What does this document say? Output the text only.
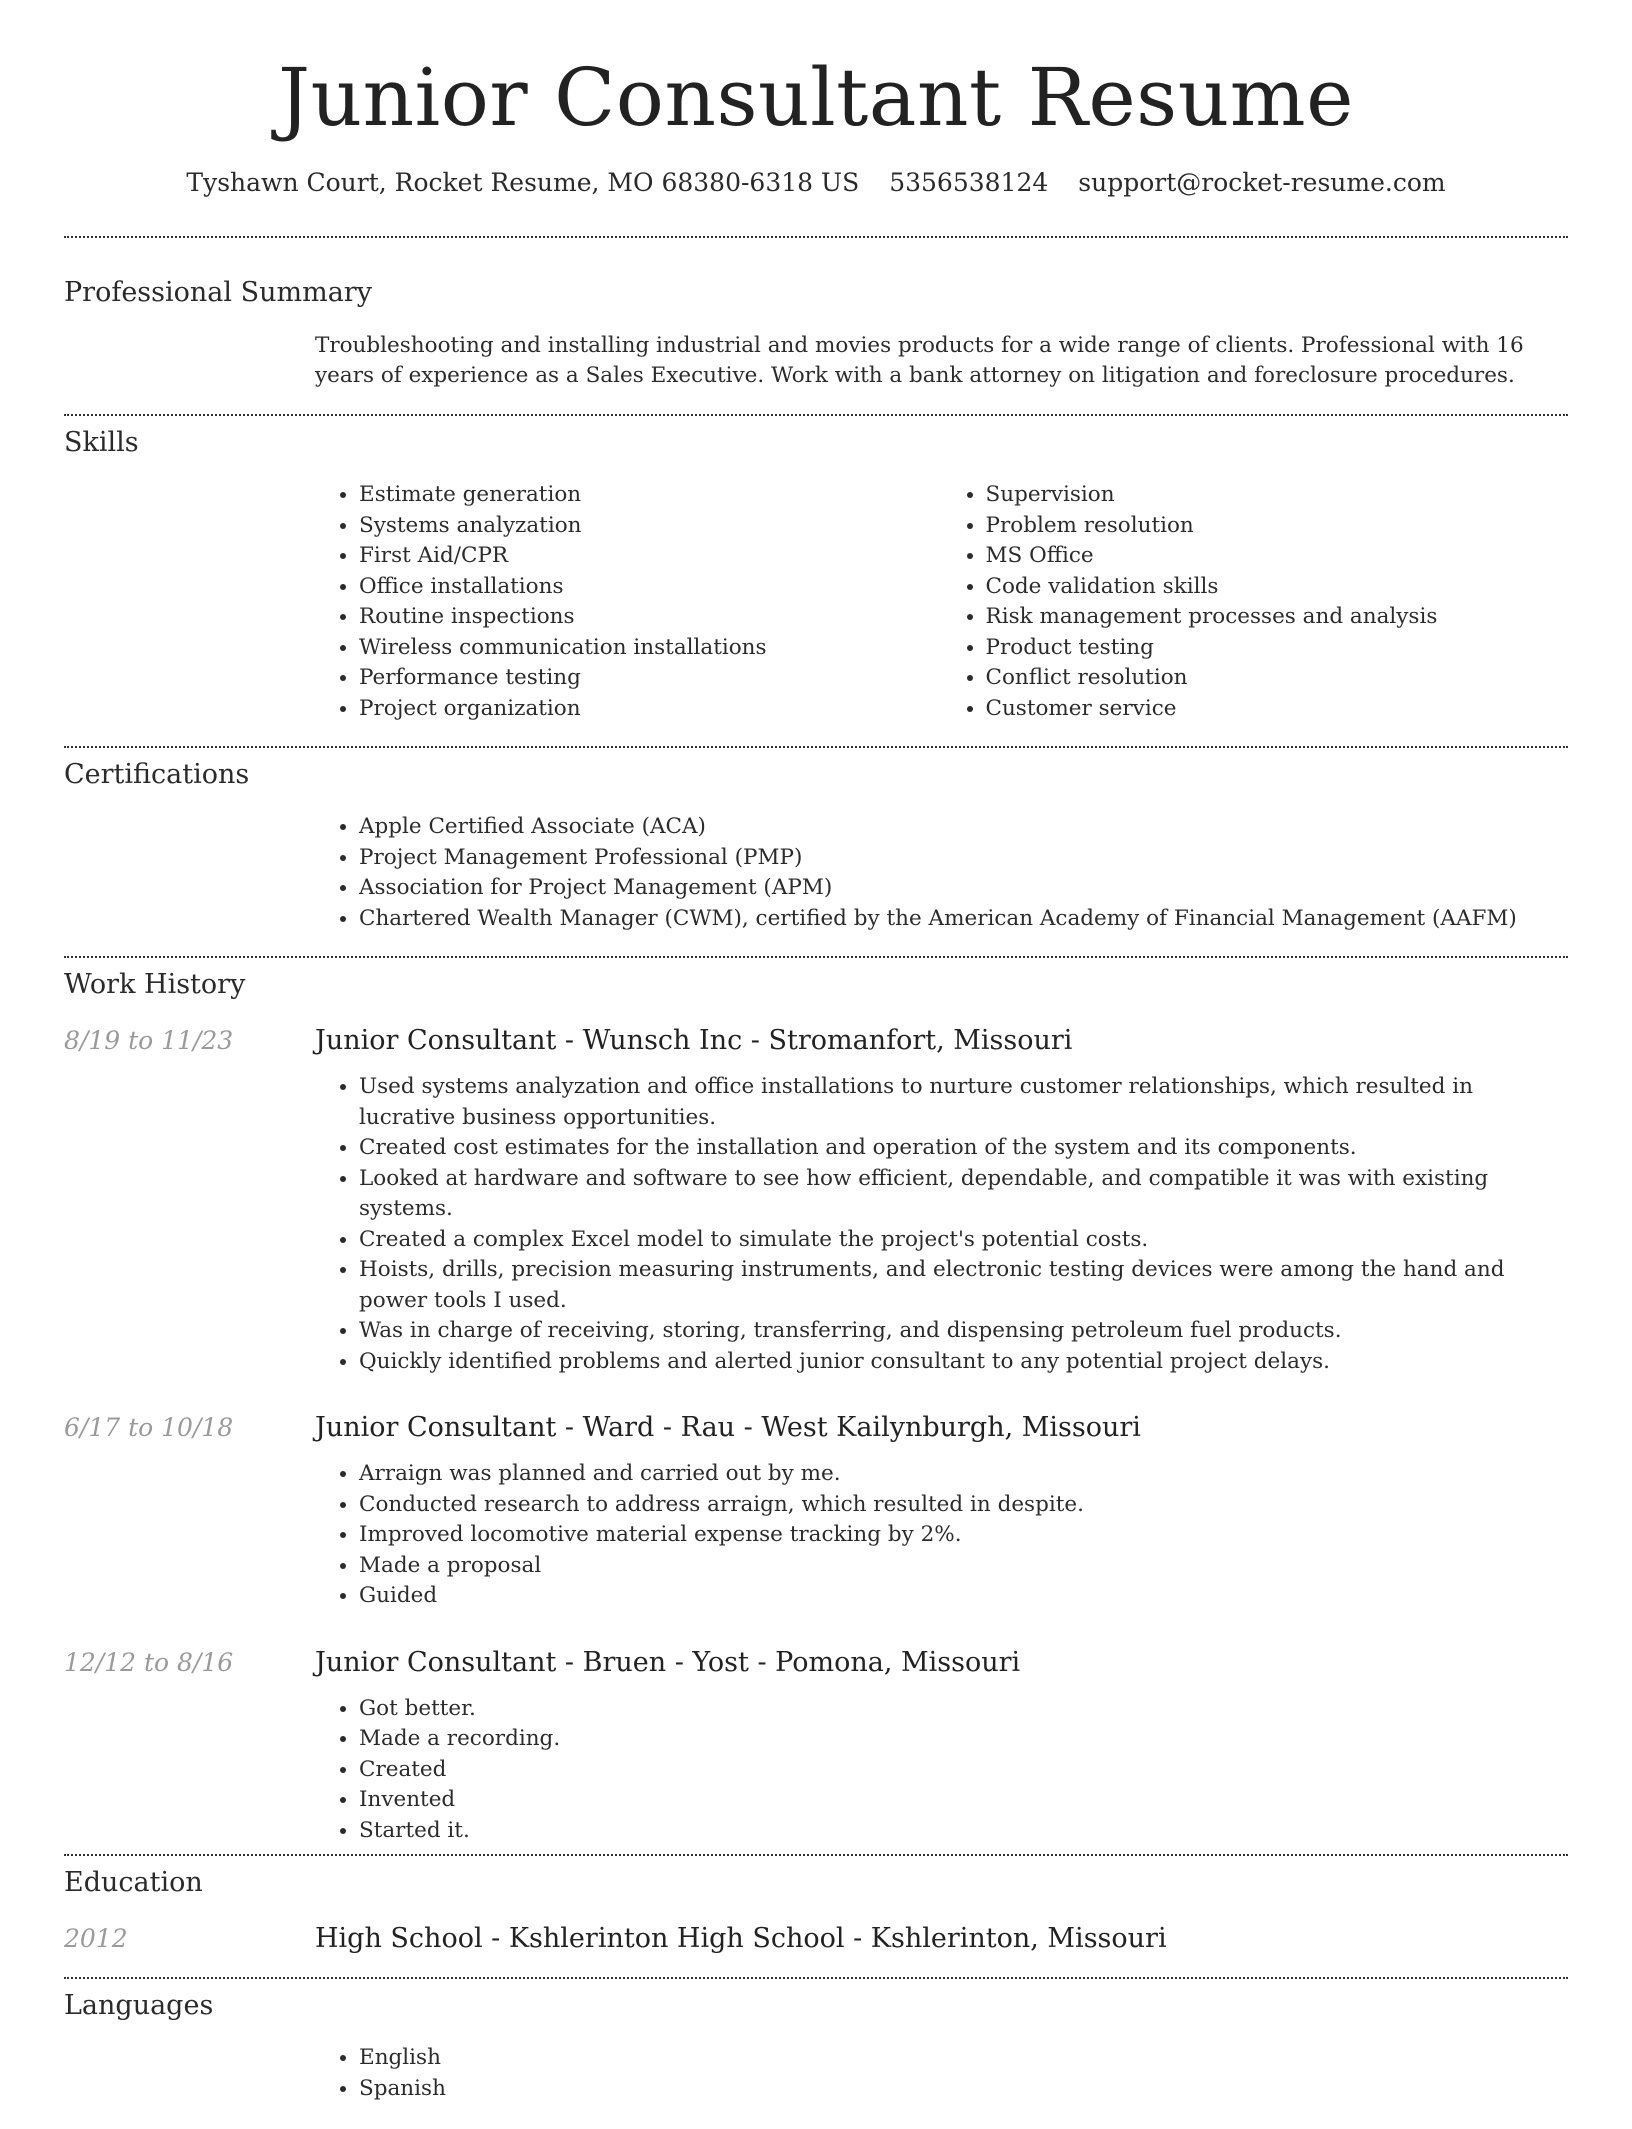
Junior Consultant Resume
Tyshawn Court, Rocket Resume, MO 68380-6318 US 5356538124 support@rocket-resume.com
Professional Summary
Troubleshooting and installing industrial and movies products for a wide range of clients. Professional with 16 years of experience as a Sales Executive. Work with a bank attorney on litigation and foreclosure procedures.
Skills
• Estimate generation
• Systems analyzation
• First Aid/CPR
• Office installations
• Routine inspections
• Wireless communication installations
• Performance testing
• Project organization
• Supervision
• Problem resolution
• MS Office
• Code validation skills
• Risk management processes and analysis
• Product testing
• Conflict resolution
• Customer service
Certifications
• Apple Certified Associate (ACA)
• Project Management Professional (PMP)
• Association for Project Management (APM)
• Chartered Wealth Manager (CWM), certified by the American Academy of Financial Management (AAFM)
Work History
8/19 to 11/23	Junior Consultant - Wunsch Inc - Stromanfort, Missouri
• Used systems analyzation and office installations to nurture customer relationships, which resulted in lucrative business opportunities.
• Created cost estimates for the installation and operation of the system and its components.
• Looked at hardware and software to see how efficient, dependable, and compatible it was with existing systems.
• Created a complex Excel model to simulate the project's potential costs.
• Hoists, drills, precision measuring instruments, and electronic testing devices were among the hand and power tools I used.
• Was in charge of receiving, storing, transferring, and dispensing petroleum fuel products.
• Quickly identified problems and alerted junior consultant to any potential project delays.
6/17 to 10/18	Junior Consultant - Ward - Rau - West Kailynburgh, Missouri
• Arraign was planned and carried out by me.
• Conducted research to address arraign, which resulted in despite.
• Improved locomotive material expense tracking by 2%.
• Made a proposal
• Guided
12/12 to 8/16	Junior Consultant - Bruen - Yost - Pomona, Missouri
• Got better.
• Made a recording.
• Created
• Invented
• Started it.
Education
2012	High School - Kshlerinton High School - Kshlerinton, Missouri
Languages
• English
• Spanish
